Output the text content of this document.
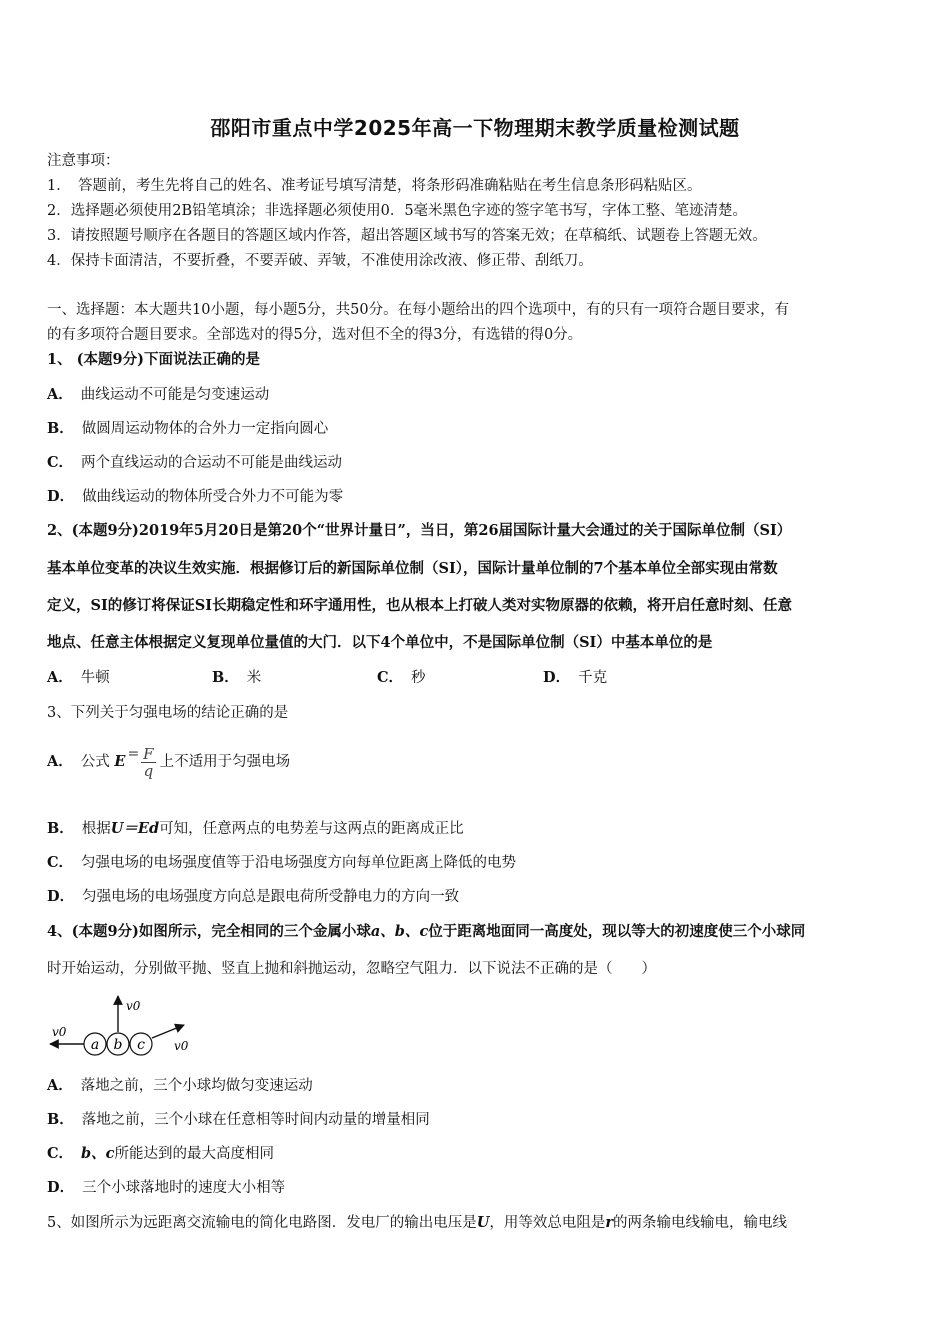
邵阳市重点中学2025年高一下物理期末教学质量检测试题
注意事项：
1．　答题前，考生先将自己的姓名、准考证号填写清楚，将条形码准确粘贴在考生信息条形码粘贴区。
2．选择题必须使用2B铅笔填涂；非选择题必须使用0．5毫米黑色字迹的签字笔书写，字体工整、笔迹清楚。
3．请按照题号顺序在各题目的答题区域内作答，超出答题区域书写的答案无效；在草稿纸、试题卷上答题无效。
4．保持卡面清洁，不要折叠，不要弄破、弄皱，不准使用涂改液、修正带、刮纸刀。
一、选择题：本大题共10小题，每小题5分，共50分。在每小题给出的四个选项中，有的只有一项符合题目要求，有
的有多项符合题目要求。全部选对的得5分，选对但不全的得3分，有选错的得0分。
1、 (本题9分)下面说法正确的是
A． 曲线运动不可能是匀变速运动
B． 做圆周运动物体的合外力一定指向圆心
C． 两个直线运动的合运动不可能是曲线运动
D． 做曲线运动的物体所受合外力不可能为零
2、(本题9分)2019年5月20日是第20个“世界计量日”，当日，第26届国际计量大会通过的关于国际单位制（SI）
基本单位变革的决议生效实施．根据修订后的新国际单位制（SI），国际计量单位制的7个基本单位全部实现由常数
定义，SI的修订将保证SI长期稳定性和环宇通用性，也从根本上打破人类对实物原器的依赖，将开启任意时刻、任意
地点、任意主体根据定义复现单位量值的大门．以下4个单位中，不是国际单位制（SI）中基本单位的是
A． 牛顿	B． 米	C． 秒	D． 千克
3、下列关于匀强电场的结论正确的是
A． 公式 $E = \frac{F}{q}$ 上不适用于匀强电场
B． 根据U＝Ed可知，任意两点的电势差与这两点的距离成正比
C． 匀强电场的电场强度值等于沿电场强度方向每单位距离上降低的电势
D． 匀强电场的电场强度方向总是跟电荷所受静电力的方向一致
4、(本题9分)如图所示，完全相同的三个金属小球a、b、c位于距离地面同一高度处，现以等大的初速度使三个小球同
时开始运动，分别做平抛、竖直上抛和斜抛运动，忽略空气阻力．以下说法不正确的是（　　）
a b c
v0
v0
v0
A． 落地之前，三个小球均做匀变速运动
B． 落地之前，三个小球在任意相等时间内动量的增量相同
C． b、c所能达到的最大高度相同
D． 三个小球落地时的速度大小相等
5、如图所示为远距离交流输电的简化电路图．发电厂的输出电压是U，用等效总电阻是r的两条输电线输电，输电线
